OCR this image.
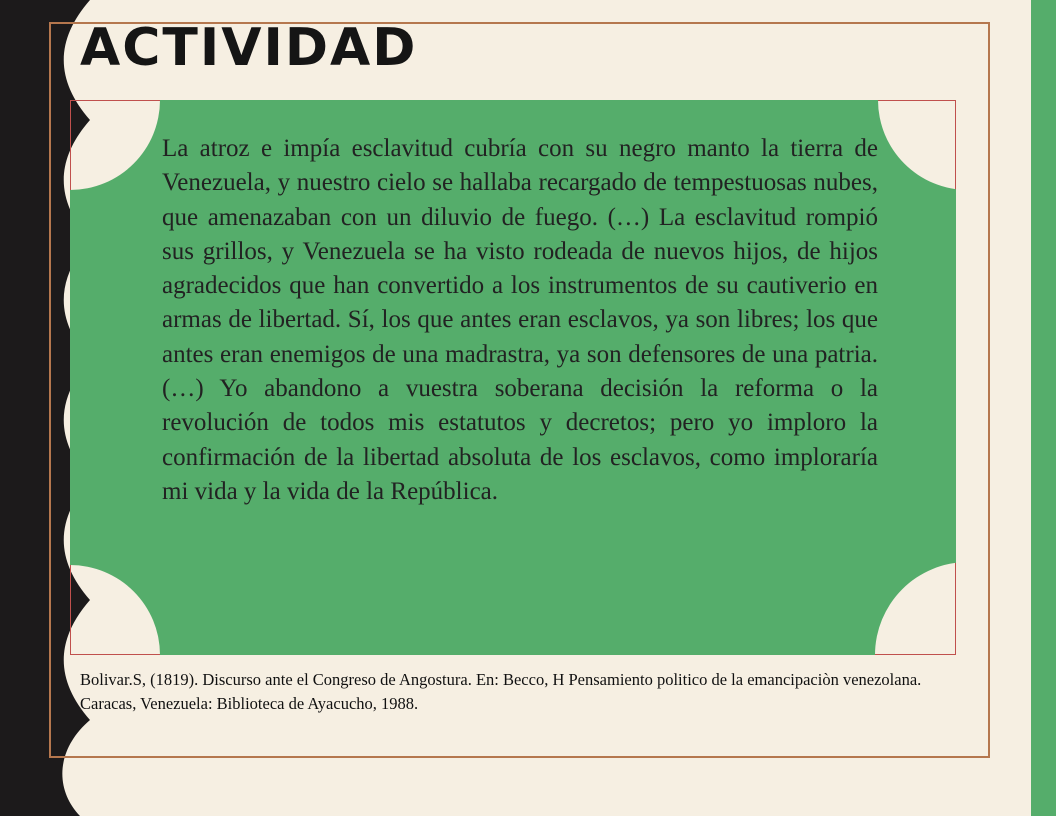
ACTIVIDAD

La atroz e impía esclavitud cubría con su negro manto la tierra de Venezuela, y nuestro cielo se hallaba recargado de tempestuosas nubes, que amenazaban con un diluvio de fuego. (…) La esclavitud rompió sus grillos, y Venezuela se ha visto rodeada de nuevos hijos, de hijos agradecidos que han convertido a los instrumentos de su cautiverio en armas de libertad. Sí, los que antes eran esclavos, ya son libres; los que antes eran enemigos de una madrastra, ya son defensores de una patria. (…) Yo abandono a vuestra soberana decisión la reforma o la revolución de todos mis estatutos y decretos; pero yo imploro la confirmación de la libertad absoluta de los esclavos, como imploraría mi vida y la vida de la República.

Bolivar.S, (1819). Discurso ante el Congreso de Angostura. En: Becco, H Pensamiento politico de la emancipaciòn venezolana. Caracas, Venezuela: Biblioteca de Ayacucho, 1988.
